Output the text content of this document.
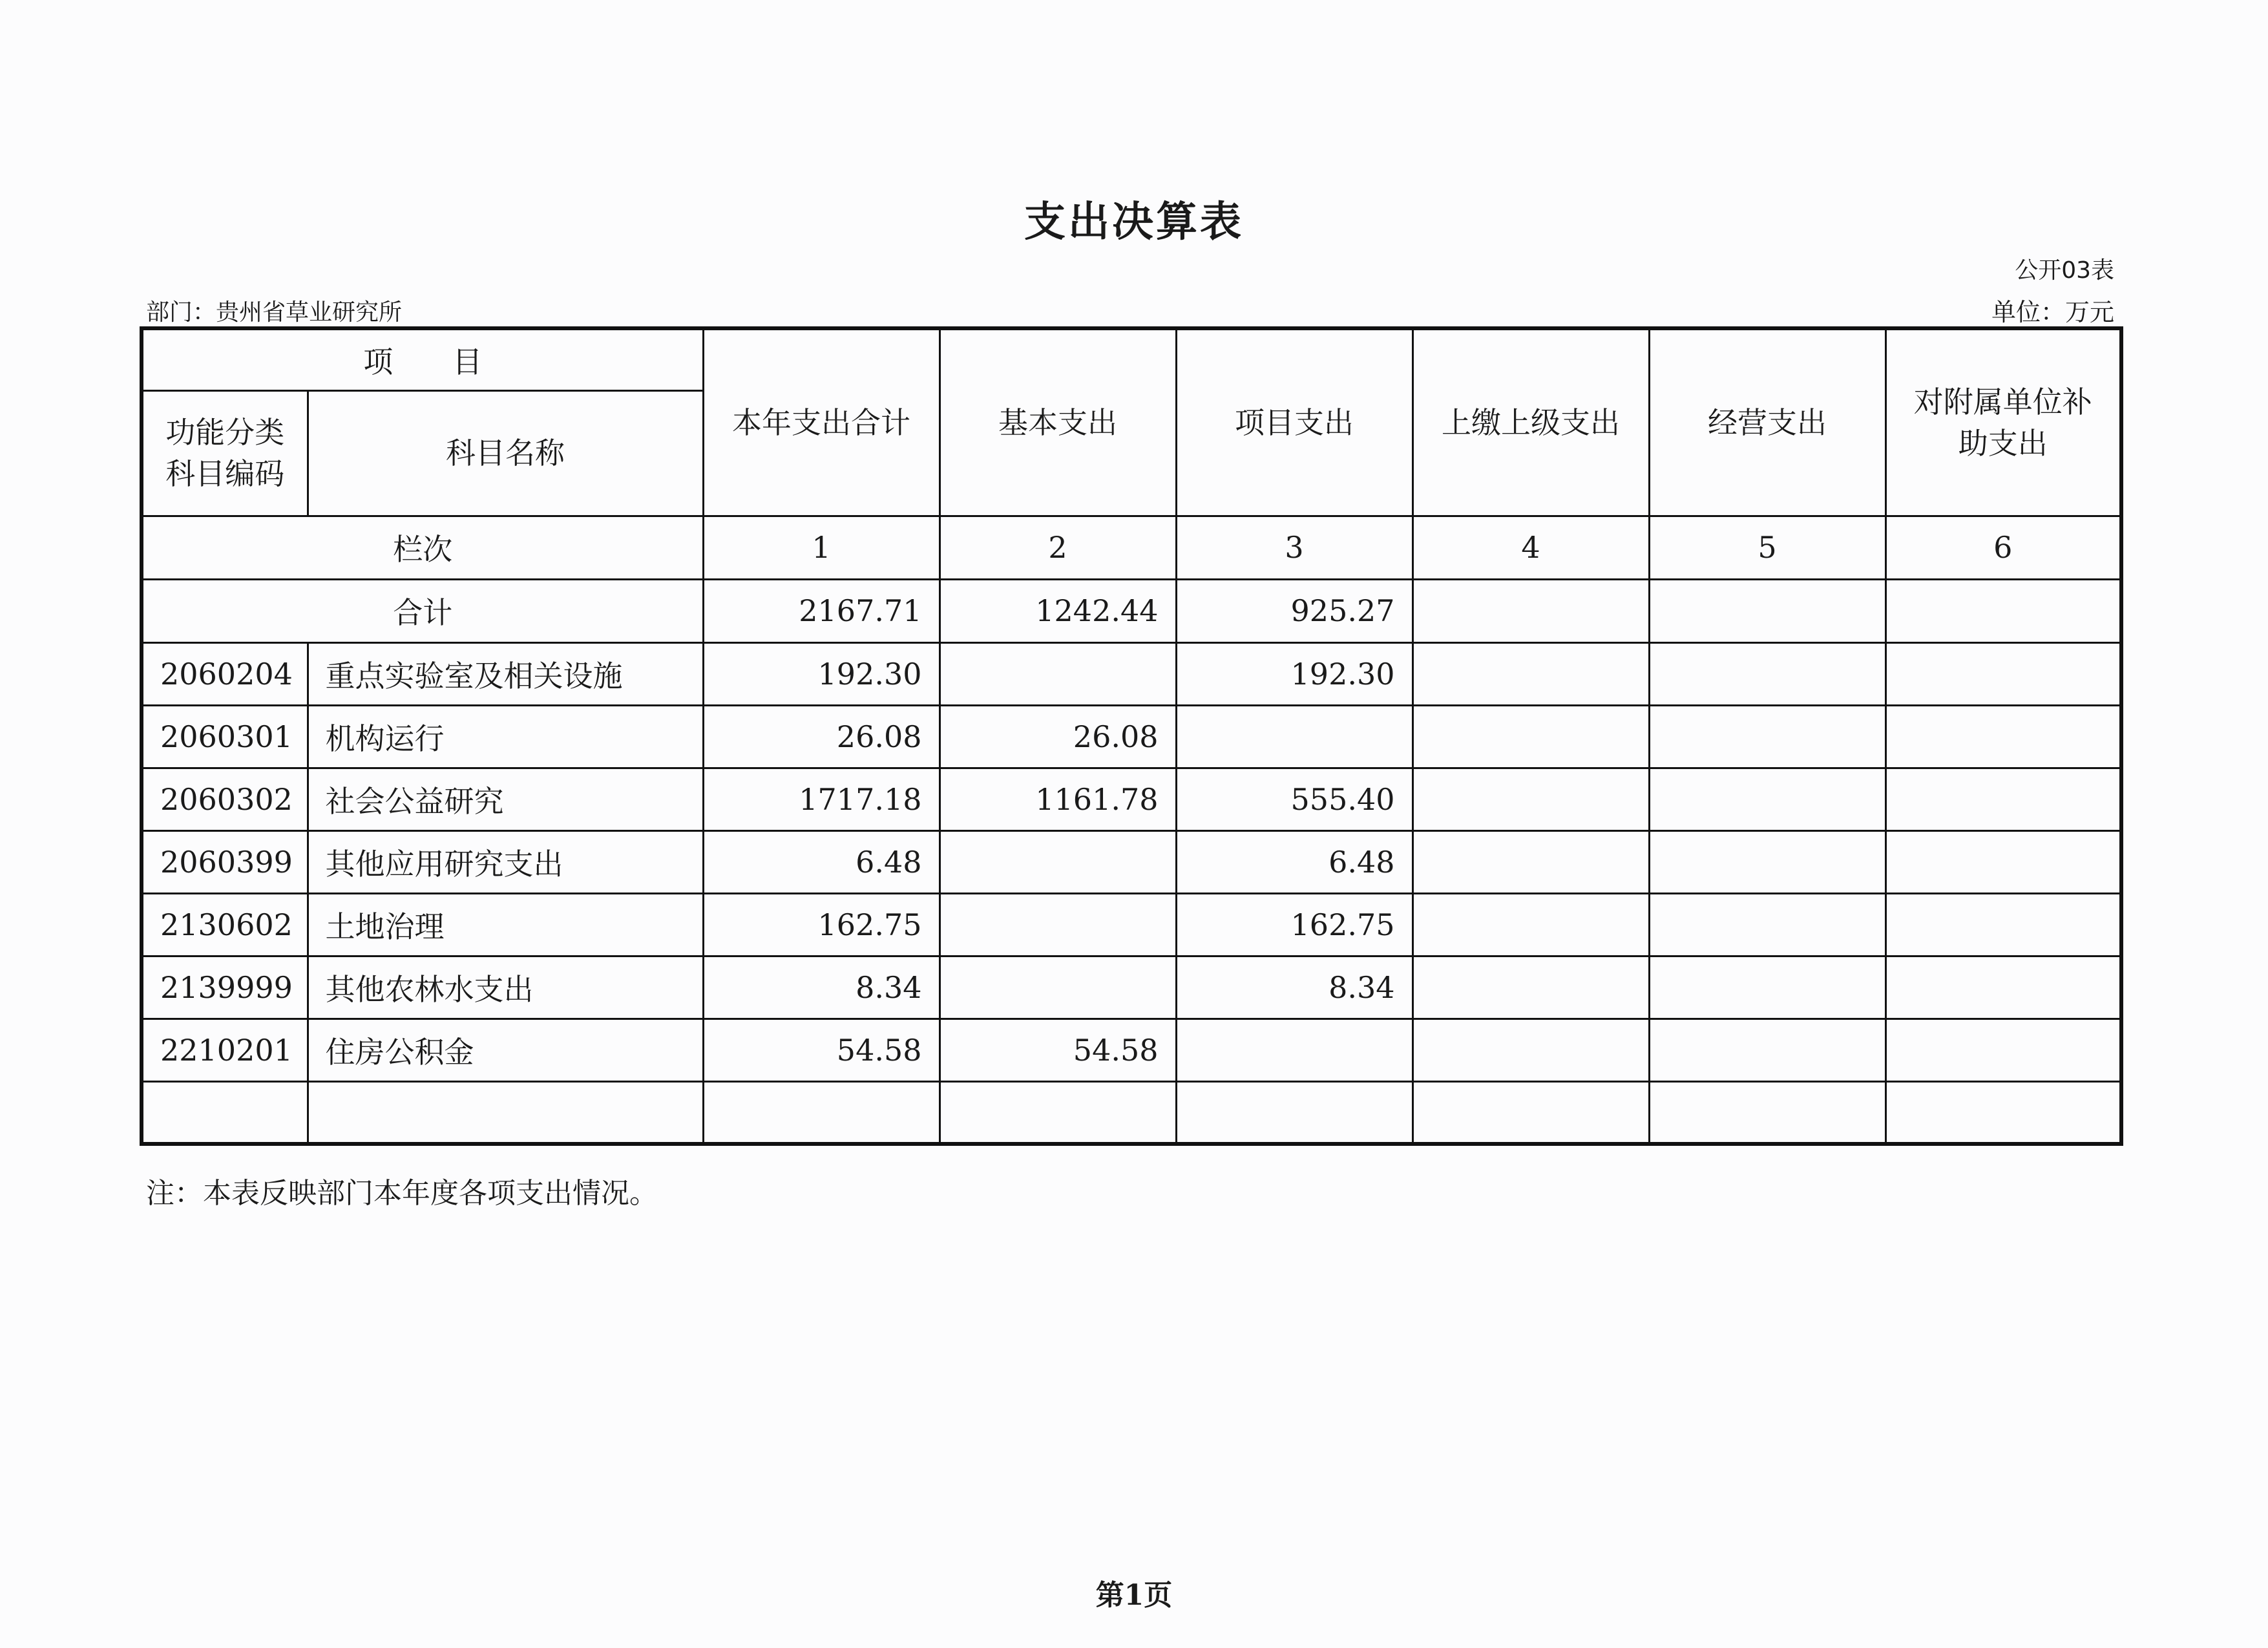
支出决算表
公开03表
部门：贵州省草业研究所	单位：万元
项　　目		本年支出合计	基本支出	项目支出	上缴上级支出	经营支出	对附属单位补助支出
功能分类科目编码	科目名称						
栏次		1	2	3	4	5	6
合计		2167.71	1242.44	925.27			
2060204	重点实验室及相关设施	192.30		192.30			
2060301	机构运行	26.08	26.08				
2060302	社会公益研究	1717.18	1161.78	555.40			
2060399	其他应用研究支出	6.48		6.48			
2130602	土地治理	162.75		162.75			
2139999	其他农林水支出	8.34		8.34			
2210201	住房公积金	54.58	54.58				

注：本表反映部门本年度各项支出情况。
第1页
